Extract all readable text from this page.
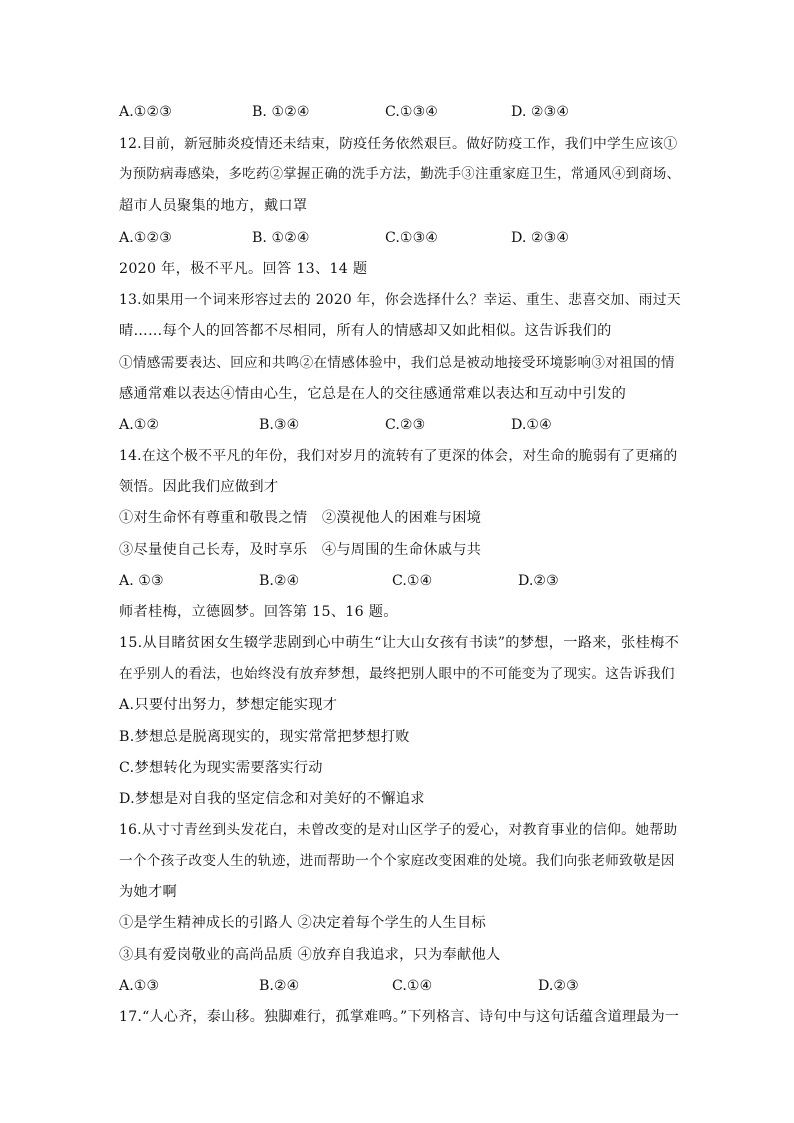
A.①②③	B. ①②④	C.①③④	D. ②③④
12.目前，新冠肺炎疫情还未结束，防疫任务依然艰巨。做好防疫工作，我们中学生应该①
为预防病毒感染，多吃药②掌握正确的洗手方法，勤洗手③注重家庭卫生，常通风④到商场、
超市人员聚集的地方，戴口罩
A.①②③	B. ①②④	C.①③④	D. ②③④
2020 年，极不平凡。回答 13、14 题
13.如果用一个词来形容过去的 2020 年，你会选择什么？幸运、重生、悲喜交加、雨过天
晴……每个人的回答都不尽相同，所有人的情感却又如此相似。这告诉我们的
①情感需要表达、回应和共鸣②在情感体验中，我们总是被动地接受环境影响③对祖国的情
感通常难以表达④情由心生，它总是在人的交往感通常难以表达和互动中引发的
A.①②	B.③④	C.②③	D.①④
14.在这个极不平凡的年份，我们对岁月的流转有了更深的体会，对生命的脆弱有了更痛的
领悟。因此我们应做到才
①对生命怀有尊重和敬畏之情　②漠视他人的困难与困境
③尽量使自己长寿，及时享乐　④与周围的生命休戚与共
A. ①③	B.②④	C.①④	D.②③
师者桂梅，立德圆梦。回答第 15、16 题。
15.从目睹贫困女生辍学悲剧到心中萌生“让大山女孩有书读”的梦想，一路来，张桂梅不
在乎别人的看法，也始终没有放弃梦想，最终把别人眼中的不可能变为了现实。这告诉我们
A.只要付出努力，梦想定能实现才
B.梦想总是脱离现实的，现实常常把梦想打败
C.梦想转化为现实需要落实行动
D.梦想是对自我的坚定信念和对美好的不懈追求
16.从寸寸青丝到头发花白，未曾改变的是对山区学子的爱心，对教育事业的信仰。她帮助
一个个孩子改变人生的轨迹，进而帮助一个个家庭改变困难的处境。我们向张老师致敬是因
为她才啊
①是学生精神成长的引路人 ②决定着每个学生的人生目标
③具有爱岗敬业的高尚品质 ④放弃自我追求，只为奉献他人
A.①③	B.②④	C.①④	D.②③
17.“人心齐，泰山移。独脚难行，孤掌难鸣。”下列格言、诗句中与这句话蕴含道理最为一
